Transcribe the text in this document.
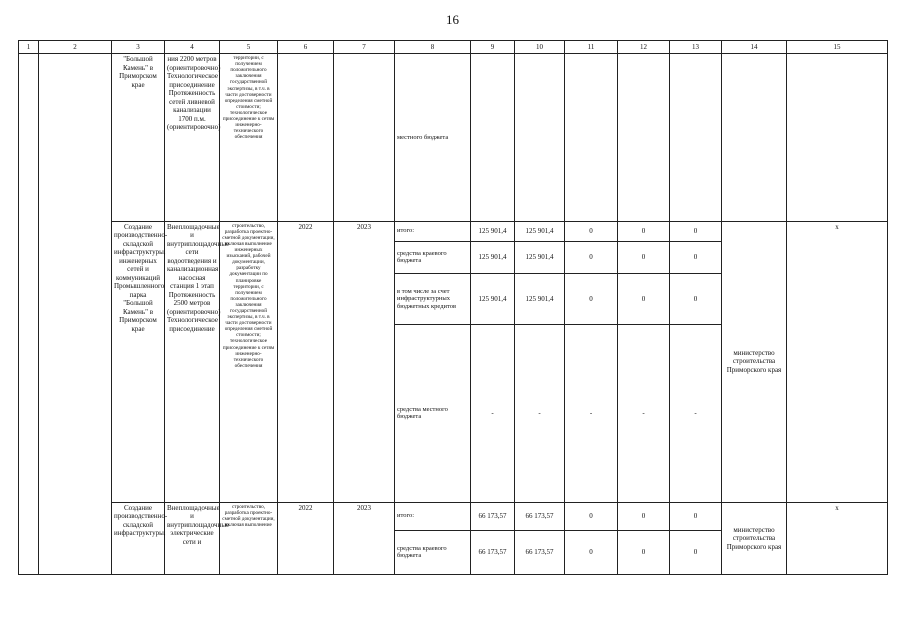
16
1	2	3	4	5	6	7	8	9	10	11	12	13	14	15
		"Большой Камень" в Приморском крае	ния 2200 метров (ориентировочно) Технологическое присоединение Протяженность сетей ливневой канализации 1700 п.м. (ориентировочно)	территории, с получением положительного заключения государственной экспертизы, в т.ч. в части достоверности определения сметной стоимости; технологическое присоединение к сетям инженерно-технического обеспечения			местного бюджета							
		Создание производственно-складской инфраструктуры, инженерных сетей и коммуникаций Промышленного парка "Большой Камень" в Приморском крае	Внеплощадочные и внутриплощадочные сети водоотведения и канализационная насосная станция 1 этап Протяженность 2500 метров (ориентировочно) Технологическое присоединение	строительство, разработка проектно-сметной документации, включая выполнение инженерных изысканий, рабочей документации, разработку документации по планировке территории, с получением положительного заключения государственной экспертизы, в т.ч. в части достоверности определения сметной стоимости; технологическое присоединение к сетям инженерно-технического обеспечения	2022	2023	итого:	125 901,4	125 901,4	0	0	0	министерство строительства Приморского края	x
							средства краевого бюджета	125 901,4	125 901,4	0	0	0		
							в том числе за счет инфраструктурных бюджетных кредитов	125 901,4	125 901,4	0	0	0		
							средства местного бюджета	-	-	-	-	-		
		Создание производственно-складской инфраструктуры,	Внеплощадочные и внутриплощадочные электрические сети и	строительство, разработка проектно-сметной документации, включая выполнение	2022	2023	итого:	66 173,57	66 173,57	0	0	0	министерство строительства Приморского края	x
							средства краевого бюджета	66 173,57	66 173,57	0	0	0		
